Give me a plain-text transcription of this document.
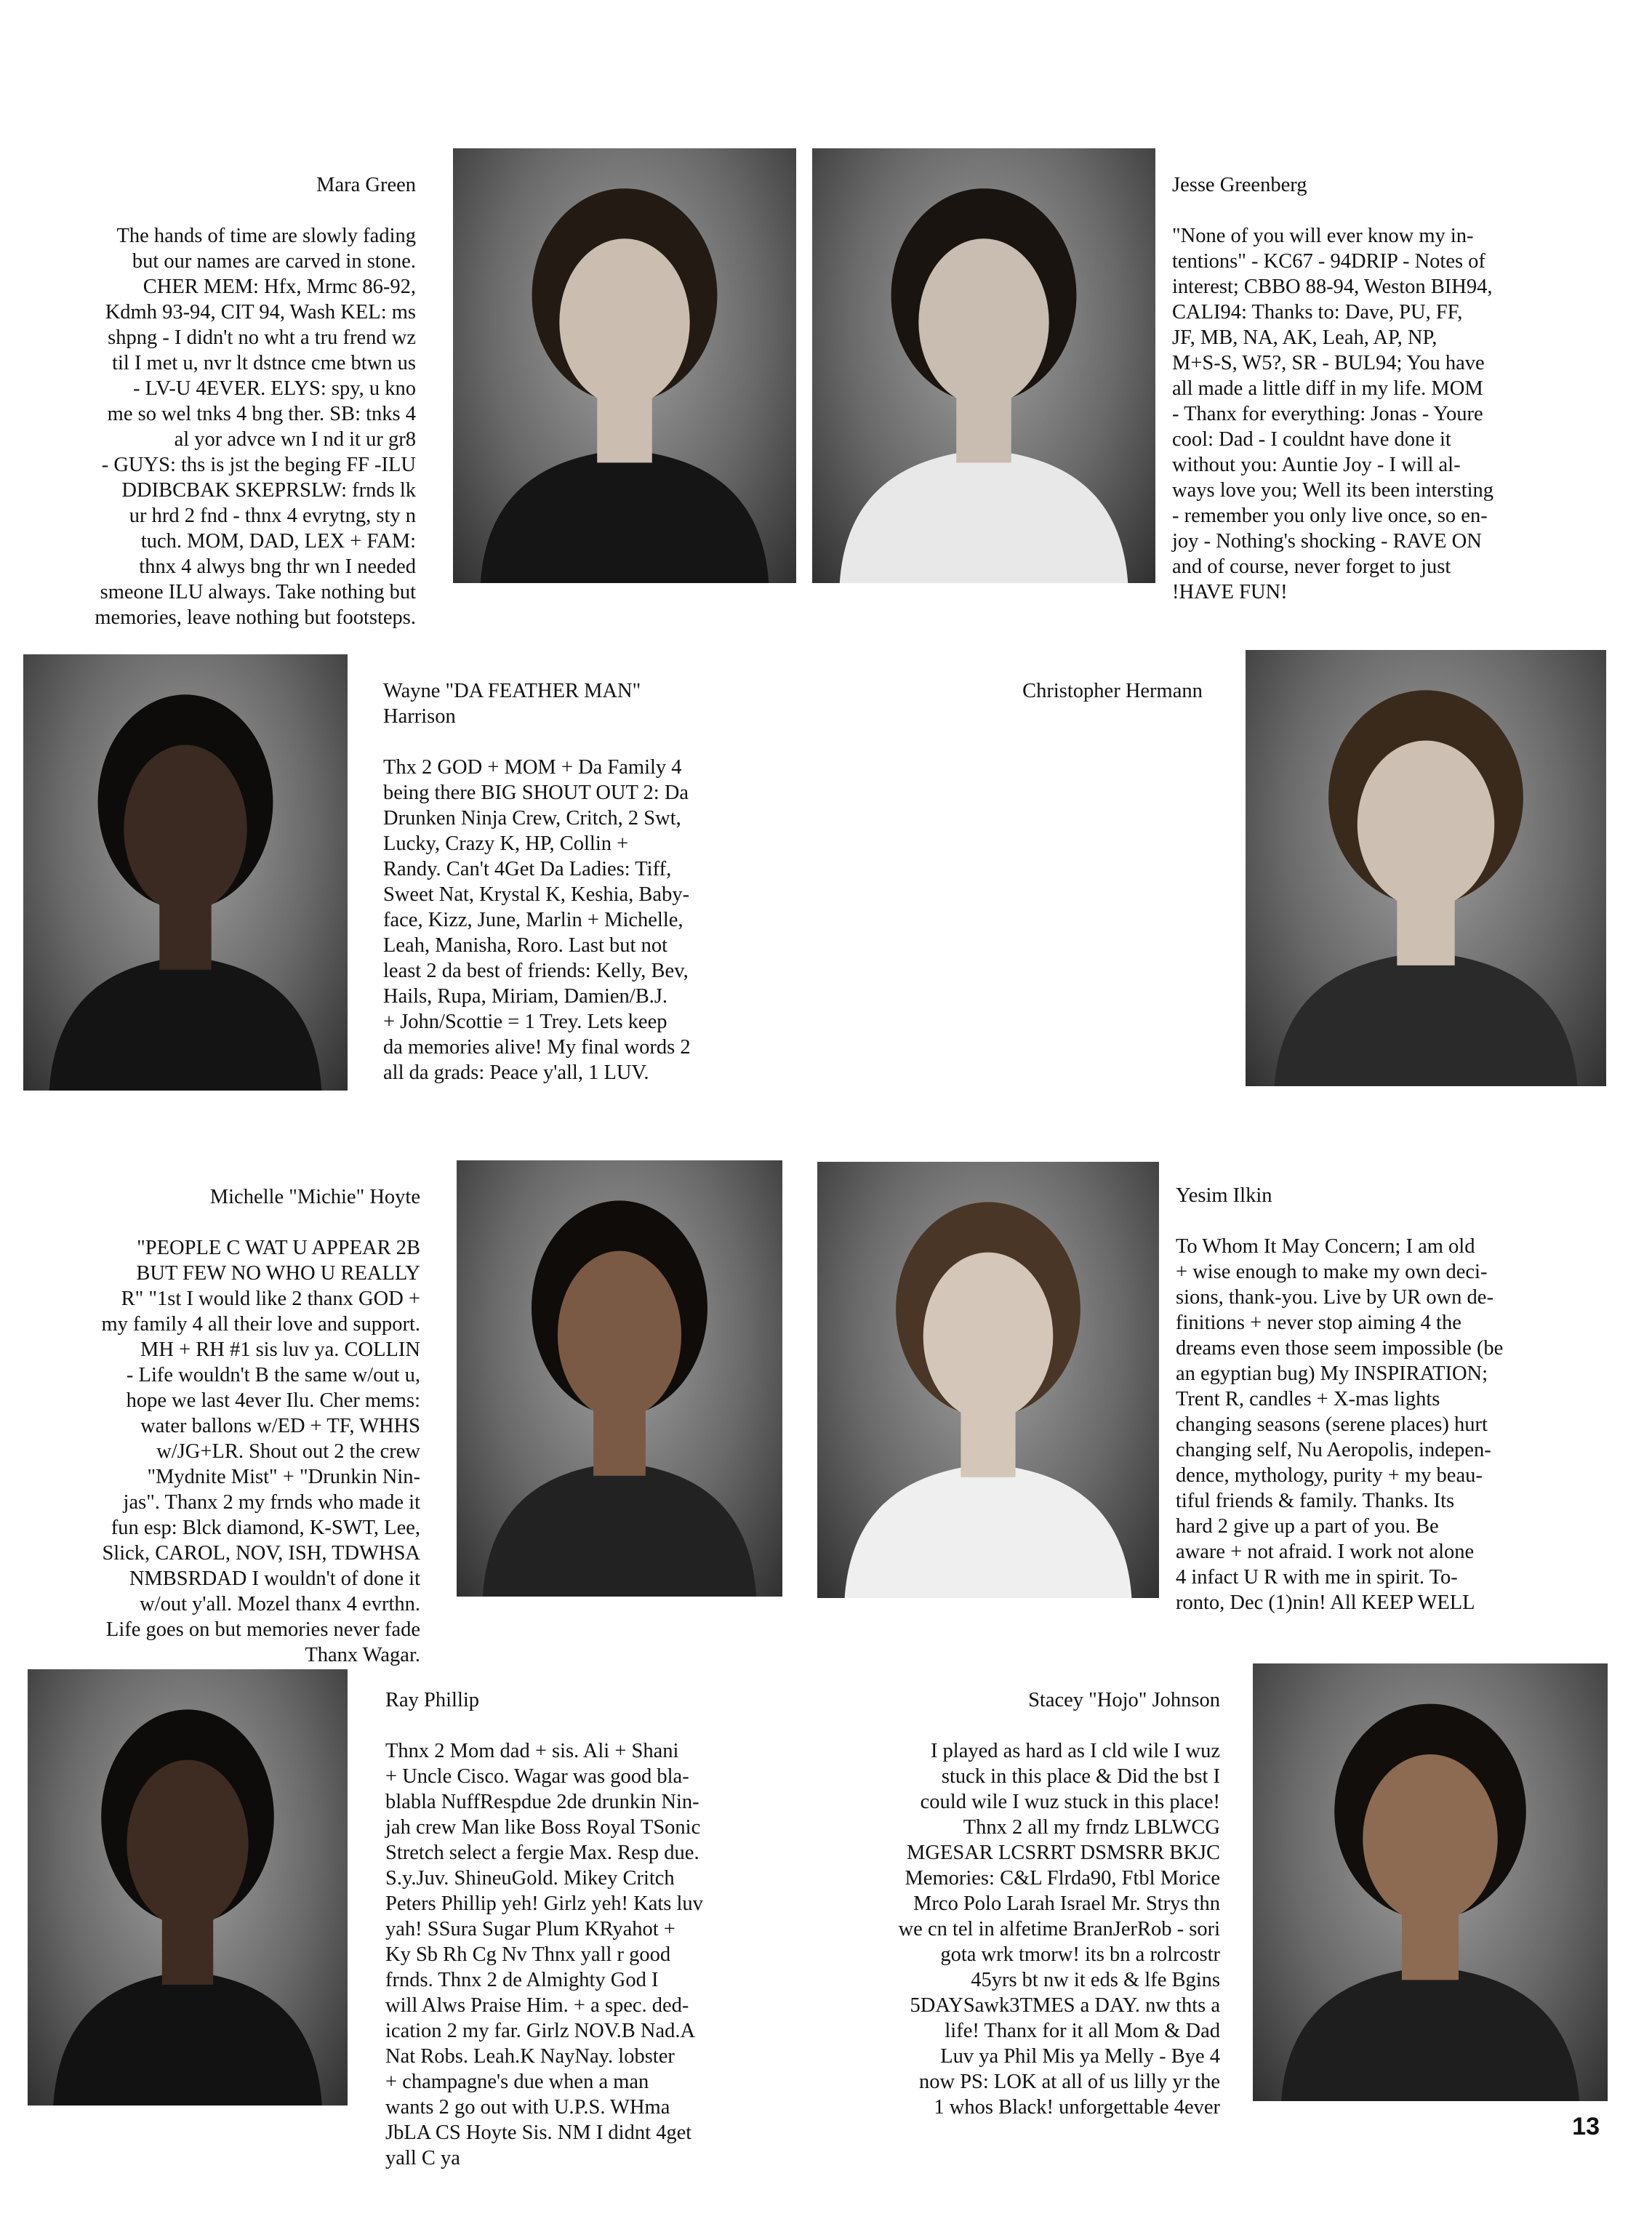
Mara Green

The hands of time are slowly fading
but our names are carved in stone.
CHER MEM: Hfx, Mrmc 86-92,
Kdmh 93-94, CIT 94, Wash KEL: ms
shpng - I didn't no wht a tru frend wz
til I met u, nvr lt dstnce cme btwn us
- LV-U 4EVER. ELYS: spy, u kno
me so wel tnks 4 bng ther. SB: tnks 4
al yor advce wn I nd it ur gr8
- GUYS: ths is jst the beging FF -ILU
DDIBCBAK SKEPRSLW: frnds lk
ur hrd 2 fnd - thnx 4 evrytng, sty n
tuch. MOM, DAD, LEX + FAM:
thnx 4 alwys bng thr wn I needed
smeone ILU always. Take nothing but
memories, leave nothing but footsteps.

Jesse Greenberg

"None of you will ever know my in-
tentions" - KC67 - 94DRIP - Notes of
interest; CBBO 88-94, Weston BIH94,
CALI94: Thanks to: Dave, PU, FF,
JF, MB, NA, AK, Leah, AP, NP,
M+S-S, W5?, SR - BUL94; You have
all made a little diff in my life. MOM
- Thanx for everything: Jonas - Youre
cool: Dad - I couldnt have done it
without you: Auntie Joy - I will al-
ways love you; Well its been intersting
- remember you only live once, so en-
joy - Nothing's shocking - RAVE ON
and of course, never forget to just
!HAVE FUN!

Wayne "DA FEATHER MAN"
Harrison

Thx 2 GOD + MOM + Da Family 4
being there BIG SHOUT OUT 2: Da
Drunken Ninja Crew, Critch, 2 Swt,
Lucky, Crazy K, HP, Collin +
Randy. Can't 4Get Da Ladies: Tiff,
Sweet Nat, Krystal K, Keshia, Baby-
face, Kizz, June, Marlin + Michelle,
Leah, Manisha, Roro. Last but not
least 2 da best of friends: Kelly, Bev,
Hails, Rupa, Miriam, Damien/B.J.
+ John/Scottie = 1 Trey. Lets keep
da memories alive! My final words 2
all da grads: Peace y'all, 1 LUV.

Christopher Hermann

Michelle "Michie" Hoyte

"PEOPLE C WAT U APPEAR 2B
BUT FEW NO WHO U REALLY
R" "1st I would like 2 thanx GOD +
my family 4 all their love and support.
MH + RH #1 sis luv ya. COLLIN
- Life wouldn't B the same w/out u,
hope we last 4ever Ilu. Cher mems:
water ballons w/ED + TF, WHHS
w/JG+LR. Shout out 2 the crew
"Mydnite Mist" + "Drunkin Nin-
jas". Thanx 2 my frnds who made it
fun esp: Blck diamond, K-SWT, Lee,
Slick, CAROL, NOV, ISH, TDWHSA
NMBSRDAD I wouldn't of done it
w/out y'all. Mozel thanx 4 evrthn.
Life goes on but memories never fade
Thanx Wagar.

Yesim Ilkin

To Whom It May Concern; I am old
+ wise enough to make my own deci-
sions, thank-you. Live by UR own de-
finitions + never stop aiming 4 the
dreams even those seem impossible (be
an egyptian bug) My INSPIRATION;
Trent R, candles + X-mas lights
changing seasons (serene places) hurt
changing self, Nu Aeropolis, indepen-
dence, mythology, purity + my beau-
tiful friends & family. Thanks. Its
hard 2 give up a part of you. Be
aware + not afraid. I work not alone
4 infact U R with me in spirit. To-
ronto, Dec (1)nin! All KEEP WELL

Ray Phillip

Thnx 2 Mom dad + sis. Ali + Shani
+ Uncle Cisco. Wagar was good bla-
blabla NuffRespdue 2de drunkin Nin-
jah crew Man like Boss Royal TSonic
Stretch select a fergie Max. Resp due.
S.y.Juv. ShineuGold. Mikey Critch
Peters Phillip yeh! Girlz yeh! Kats luv
yah! SSura Sugar Plum KRyahot +
Ky Sb Rh Cg Nv Thnx yall r good
frnds. Thnx 2 de Almighty God I
will Alws Praise Him. + a spec. ded-
ication 2 my far. Girlz NOV.B Nad.A
Nat Robs. Leah.K NayNay. lobster
+ champagne's due when a man
wants 2 go out with U.P.S. WHma
JbLA CS Hoyte Sis. NM I didnt 4get
yall C ya

Stacey "Hojo" Johnson

I played as hard as I cld wile I wuz
stuck in this place & Did the bst I
could wile I wuz stuck in this place!
Thnx 2 all my frndz LBLWCG
MGESAR LCSRRT DSMSRR BKJC
Memories: C&L Flrda90, Ftbl Morice
Mrco Polo Larah Israel Mr. Strys thn
we cn tel in alfetime BranJerRob - sori
gota wrk tmorw! its bn a rolrcostr
45yrs bt nw it eds & lfe Bgins
5DAYSawk3TMES a DAY. nw thts a
life! Thanx for it all Mom & Dad
Luv ya Phil Mis ya Melly - Bye 4
now PS: LOK at all of us lilly yr the
1 whos Black! unforgettable 4ever

13
